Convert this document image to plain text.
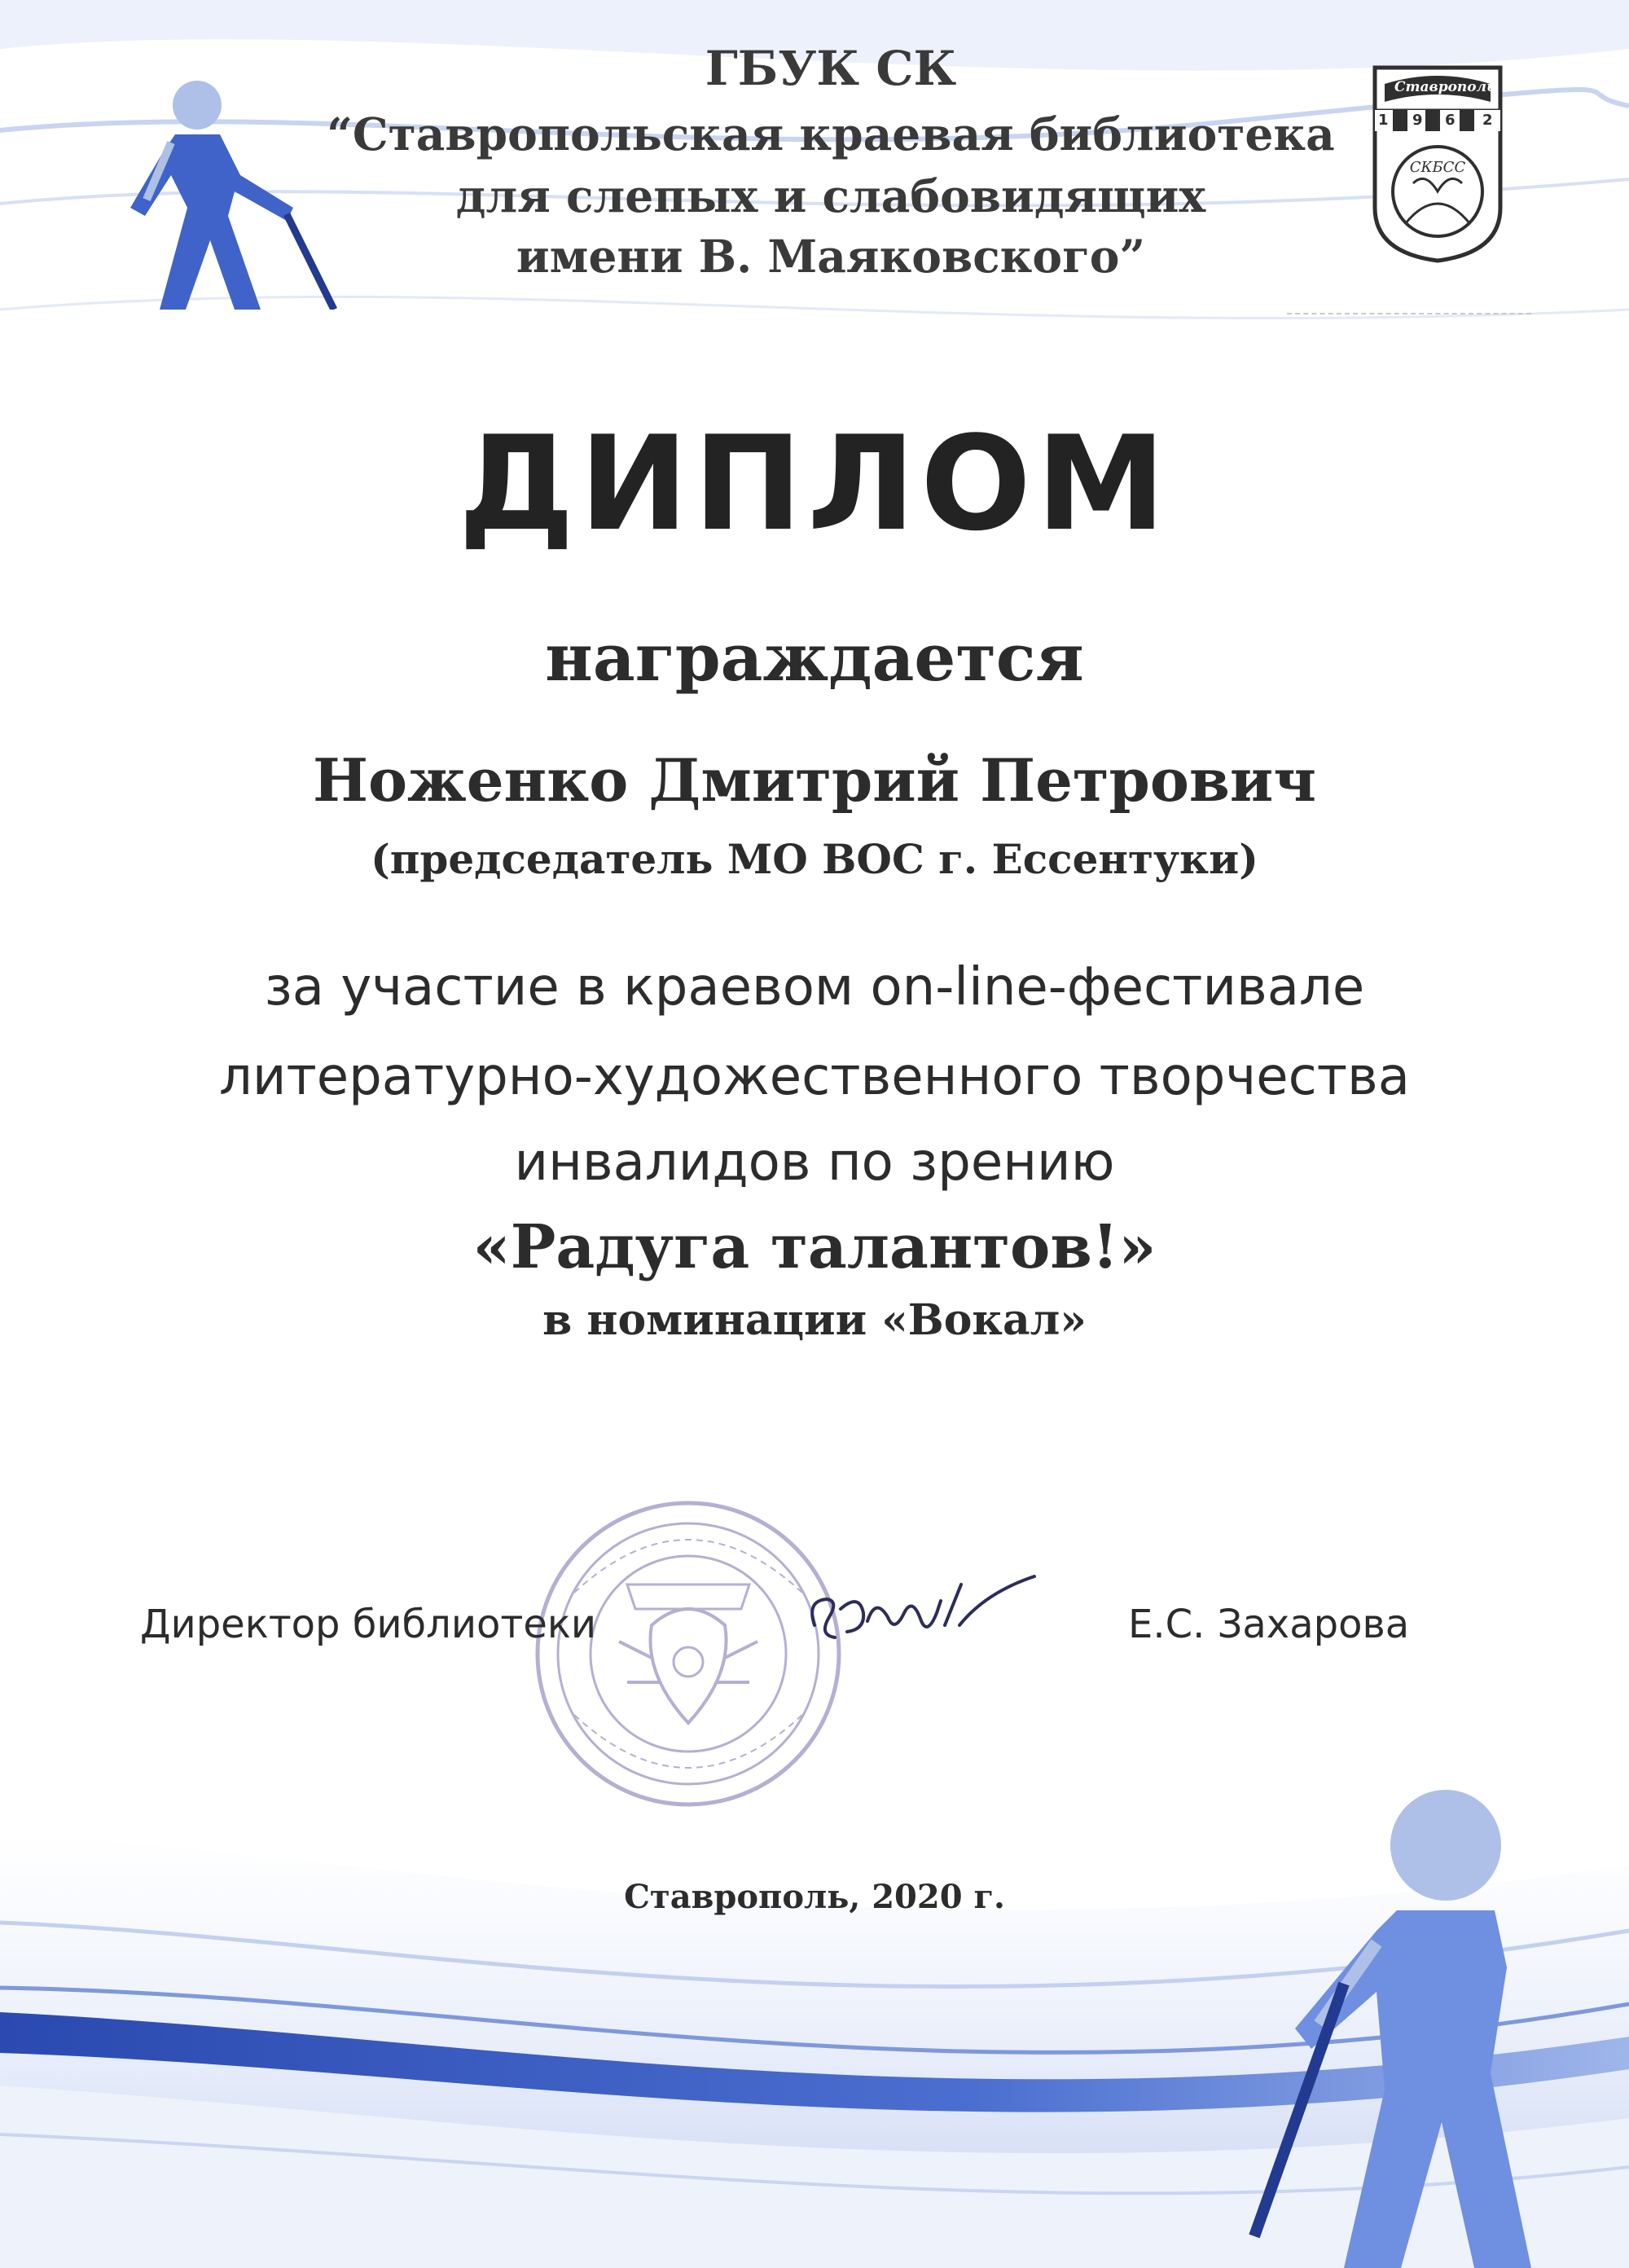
ГБУК СК
“Ставропольская краевая библиотека
для слепых и слабовидящих
имени В. Маяковского”
Ставрополь
1 9 6 2
СКБСС
ДИПЛОМ
награждается
Ноженко Дмитрий Петрович
(председатель МО ВОС г. Ессентуки)
за участие в краевом on-line-фестивале
литературно-художественного творчества
инвалидов по зрению
«Радуга талантов!»
в номинации «Вокал»
Директор библиотеки	Е.С. Захарова
Ставрополь, 2020 г.
